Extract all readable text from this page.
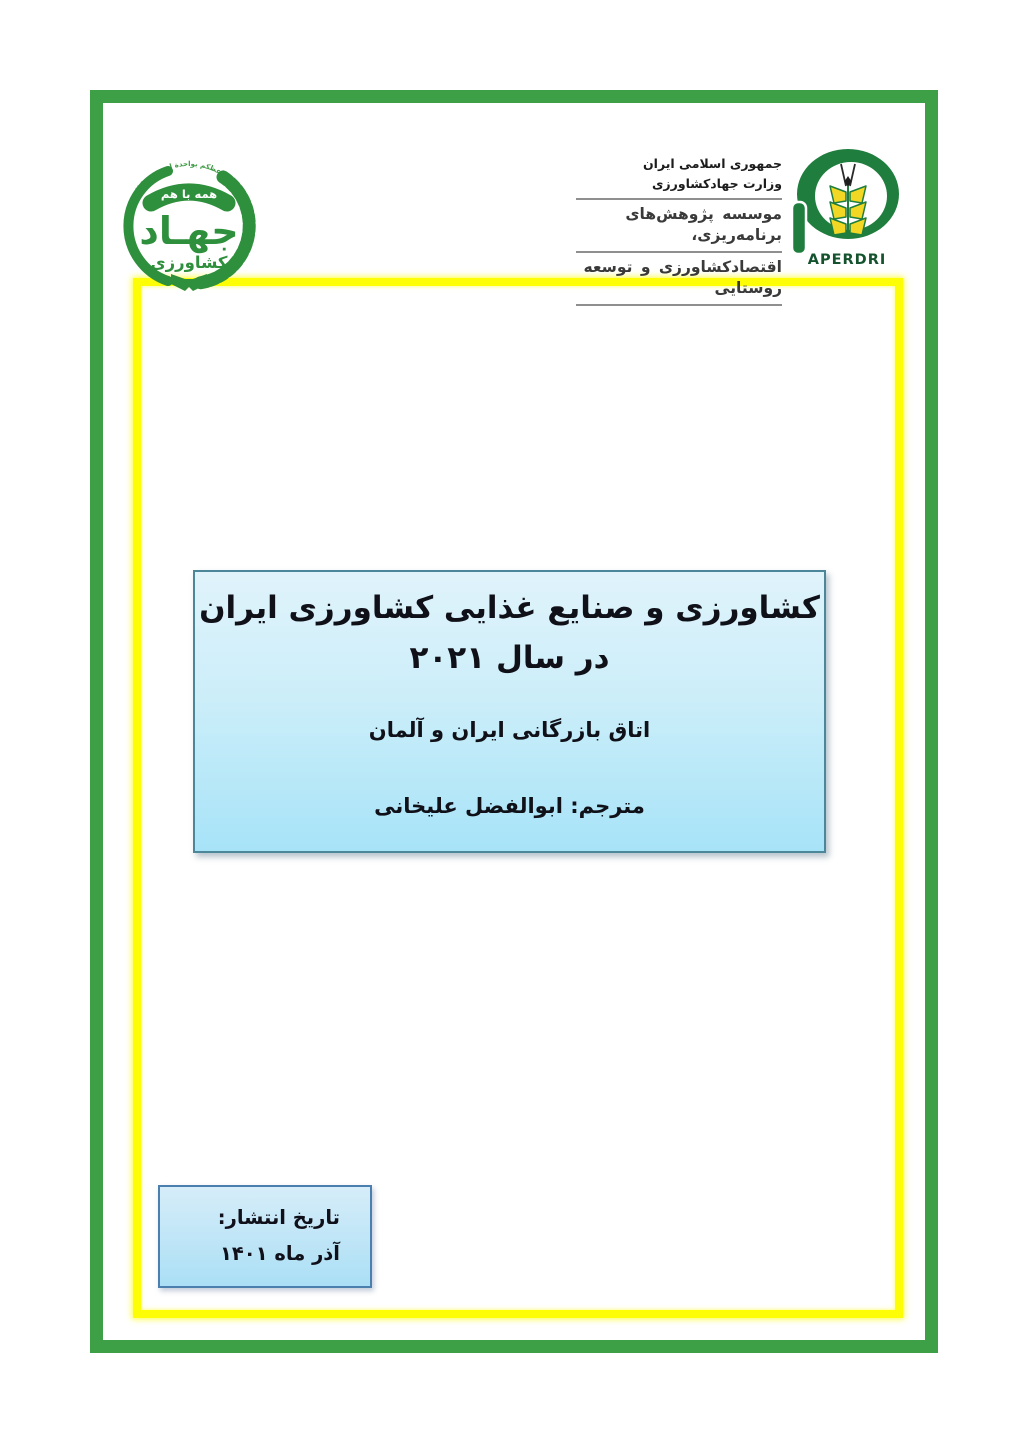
قل انما اعظکم بواحدة ان تقوموا لله
همه با هم
جهـاد
کشاورزی
جمهوری اسلامی ایران
وزارت جهادکشاورزی
موسسه پژوهش‌های برنامه‌ریزی،
اقتصادکشاورزی و توسعه روستایی
APERDRI
کشاورزی و صنایع غذایی کشاورزی ایران
در سال ۲۰۲۱
اتاق بازرگانی ایران و آلمان
مترجم: ابوالفضل علیخانی
تاریخ انتشار:
آذر ماه ۱۴۰۱
